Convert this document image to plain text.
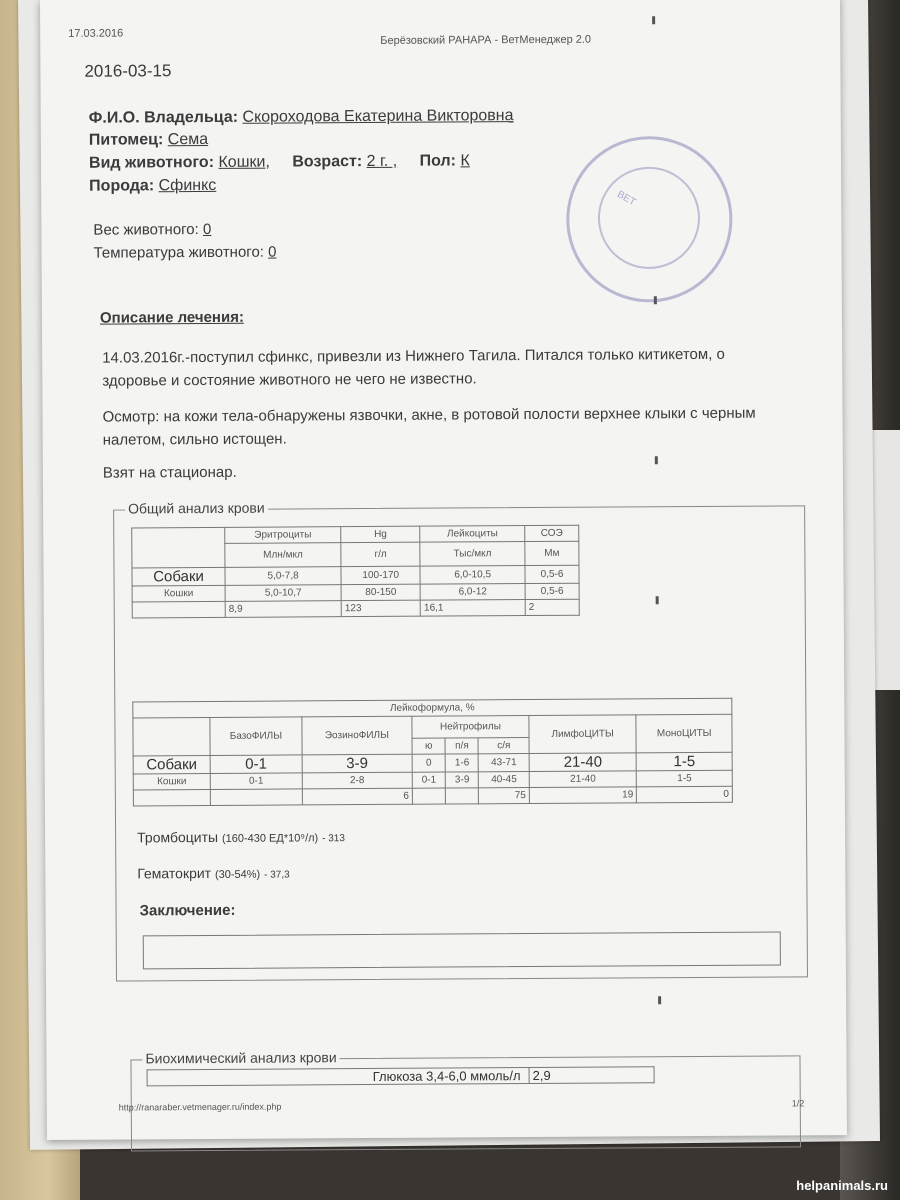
17.03.2016	Берёзовский РАНАРА - ВетМенеджер 2.0
2016-03-15
ВЕТ
Ф.И.О. Владельца: Скороходова Екатерина Викторовна
Питомец: Сема
Вид животного: Кошки, Возраст: 2 г. , Пол: К
Порода: Сфинкс
Вес животного: 0
Температура животного: 0
Описание лечения:
14.03.2016г.-поступил сфинкс, привезли из Нижнего Тагила. Питался только китикетом, о здоровье и состояние животного не чего не известно.
Осмотр: на кожи тела-обнаружены язвочки, акне, в ротовой полости верхнее клыки с черным налетом, сильно истощен.
Взят на стационар.
Общий анализ крови
	Эритроциты	Hg	Лейкоциты	СОЭ
	Млн/мкл	г/л	Тыс/мкл	Мм
Собаки	5,0-7,8	100-170	6,0-10,5	0,5-6
Кошки	5,0-10,7	80-150	6,0-12	0,5-6
	8,9	123	16,1	2
Лейкоформула, %							
	БазоФИЛЫ	ЭозиноФИЛЫ	Нейтрофилы			ЛимфоЦИТЫ	МоноЦИТЫ
			ю	п/я	с/я		
Собаки	0-1	3-9	0	1-6	43-71	21-40	1-5
Кошки	0-1	2-8	0-1	3-9	40-45	21-40	1-5
		6			75	19	0
Тромбоциты (160-430 ЕД*10⁹/л) - 313
Гематокрит (30-54%) - 37,3
Заключение:
Биохимический анализ крови
Глюкоза 3,4-6,0 ммоль/л	2,9
http://ranaraber.vetmenager.ru/index.php	1/2
helpanimals.ru
